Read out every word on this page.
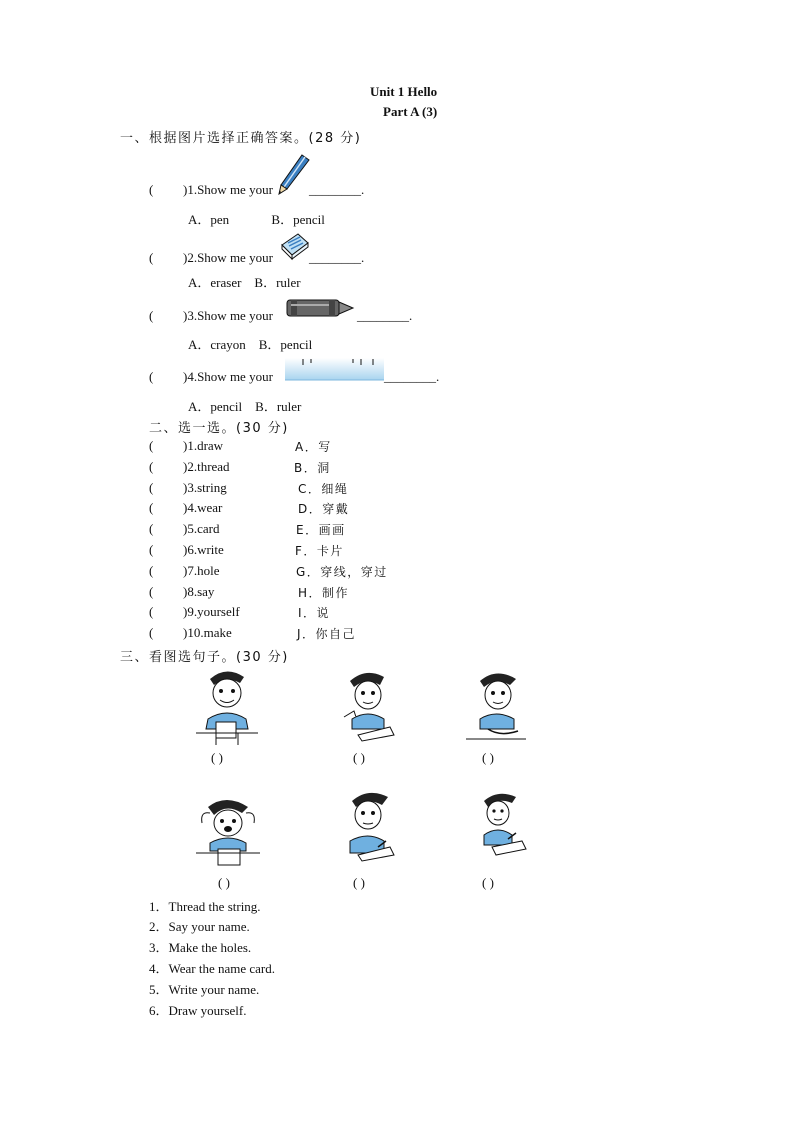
Unit 1 Hello
Part A (3)
一、根据图片选择正确答案。(28 分)
( )1.Show me your	________.
A．pen             B．pencil
( )2.Show me your	________.
A．eraser    B．ruler
( )3.Show me your	________.
A．crayon    B．pencil
( )4.Show me your	________.
A．pencil    B．ruler
二、选一选。(30 分)
( )1.draw	A．写
( )2.thread	B．洞
( )3.string	C．细绳
( )4.wear	D．穿戴
( )5.card	E．画画
( )6.write	F．卡片
( )7.hole	G．穿线，穿过
( )8.say	H．制作
( )9.yourself	I．说
( )10.make	J．你自己
三、看图选句子。(30 分)
( )	( )	( )
( )	( )	( )
1．Thread the string.
2．Say your name.
3．Make the holes.
4．Wear the name card.
5．Write your name.
6．Draw yourself.
